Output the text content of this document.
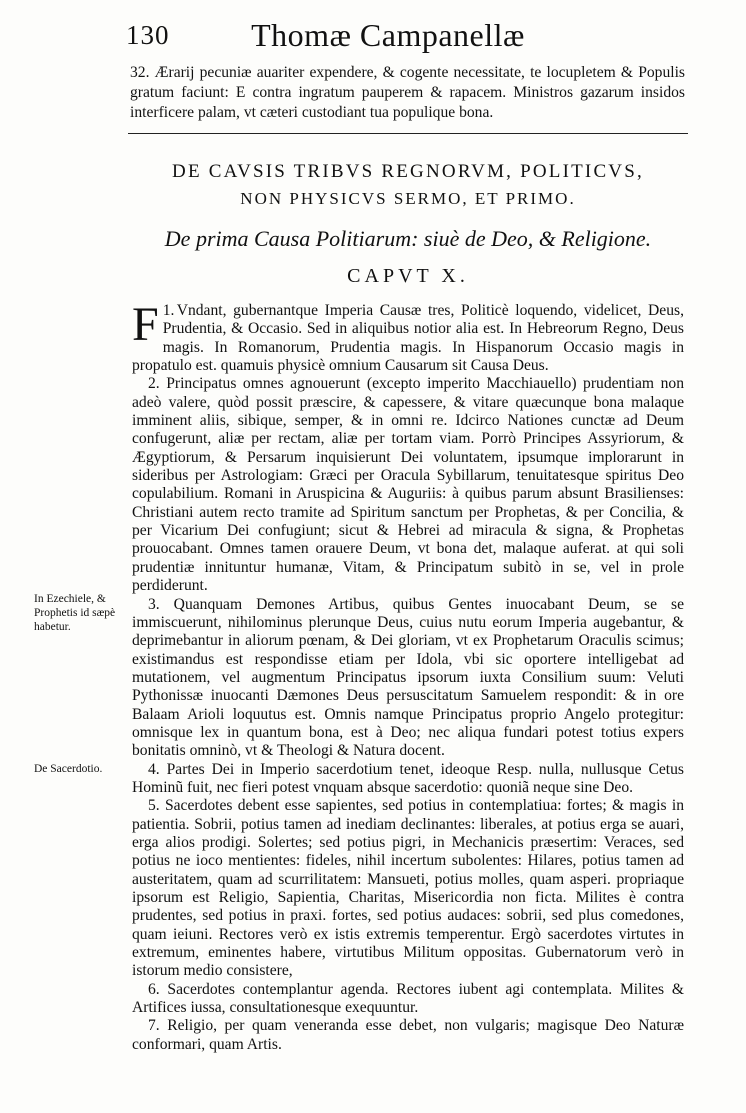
130	Thomæ Campanellæ
32. Ærarij pecuniæ auariter expendere, & cogente necessitate, te locupletem & Populis gratum faciunt: E contra ingratum pauperem & rapacem. Ministros gazarum insidos interficere palam, vt cæteri custodiant tua populique bona.
DE CAVSIS TRIBVS REGNORVM, POLITICVS,
NON PHYSICVS SERMO, ET PRIMO.
De prima Causa Politiarum: siuè de Deo, & Religione.
CAPVT X.

1.
F Vndant, gubernantque Imperia Causæ tres, Politicè loquendo, videlicet, Deus, Prudentia, & Occasio. Sed in aliquibus notior alia est. In Hebreorum Regno, Deus magis. In Romanorum, Prudentia magis. In Hispanorum Occasio magis in propatulo est. quamuis physicè omnium Causarum sit Causa Deus.

2. Principatus omnes agnouerunt (excepto imperito Macchiauello) prudentiam non adeò valere, quòd possit præscire, & capessere, & vitare quæcunque bona malaque imminent aliis, sibique, semper, & in omni re. Idcirco Nationes cunctæ ad Deum confugerunt, aliæ per rectam, aliæ per tortam viam. Porrò Principes Assyriorum, & Ægyptiorum, & Persarum inquisierunt Dei voluntatem, ipsumque implorarunt in sideribus per Astrologiam: Græci per Oracula Sybillarum, tenuitatesque spiritus Deo copulabilium. Romani in Aruspicina & Auguriis: à quibus parum absunt Brasilienses: Christiani autem recto tramite ad Spiritum sanctum per Prophetas, & per Concilia, & per Vicarium Dei confugiunt; sicut & Hebrei ad miracula & signa, & Prophetas prouocabant. Omnes tamen orauere Deum, vt bona det, malaque auferat. at qui soli prudentiæ innituntur humanæ, Vitam, & Principatum subitò in se, vel in prole perdiderunt.

3. Quanquam Demones Artibus, quibus Gentes inuocabant Deum, se se immiscuerunt, nihilominus plerunque Deus, cuius nutu eorum Imperia augebantur, & deprimebantur in aliorum pœnam, & Dei gloriam, vt ex Prophetarum Oraculis scimus; existimandus est respondisse etiam per Idola, vbi sic oportere intelligebat ad mutationem, vel augmentum Principatus ipsorum iuxta Consilium suum: Veluti Pythonissæ inuocanti Dæmones Deus persuscitatum Samuelem respondit: & in ore Balaam Arioli loquutus est. Omnis namque Principatus proprio Angelo protegitur: omnisque lex in quantum bona, est à Deo; nec aliqua fundari potest totius expers bonitatis omninò, vt & Theologi & Natura docent.

4. Partes Dei in Imperio sacerdotium tenet, ideoque Resp. nulla, nullusque Cetus Hominũ fuit, nec fieri potest vnquam absque sacerdotio: quoniã neque sine Deo.

5. Sacerdotes debent esse sapientes, sed potius in contemplatiua: fortes; & magis in patientia. Sobrii, potius tamen ad inediam declinantes: liberales, at potius erga se auari, erga alios prodigi. Solertes; sed potius pigri, in Mechanicis præsertim: Veraces, sed potius ne ioco mentientes: fideles, nihil incertum subolentes: Hilares, potius tamen ad austeritatem, quam ad scurrilitatem: Mansueti, potius molles, quam asperi. propriaque ipsorum est Religio, Sapientia, Charitas, Misericordia non ficta. Milites è contra prudentes, sed potius in praxi. fortes, sed potius audaces: sobrii, sed plus comedones, quam ieiuni. Rectores verò ex istis extremis temperentur. Ergò sacerdotes virtutes in extremum, eminentes habere, virtutibus Militum oppositas. Gubernatorum verò in istorum medio consistere,

6. Sacerdotes contemplantur agenda. Rectores iubent agi contemplata. Milites & Artifices iussa, consultationesque exequuntur.

7. Religio, per quam veneranda esse debet, non vulgaris; magisque Deo Naturæ conformari, quam Artis.

In Ezechiele, & Prophetis id sæpè habetur.
De Sacerdotio.
